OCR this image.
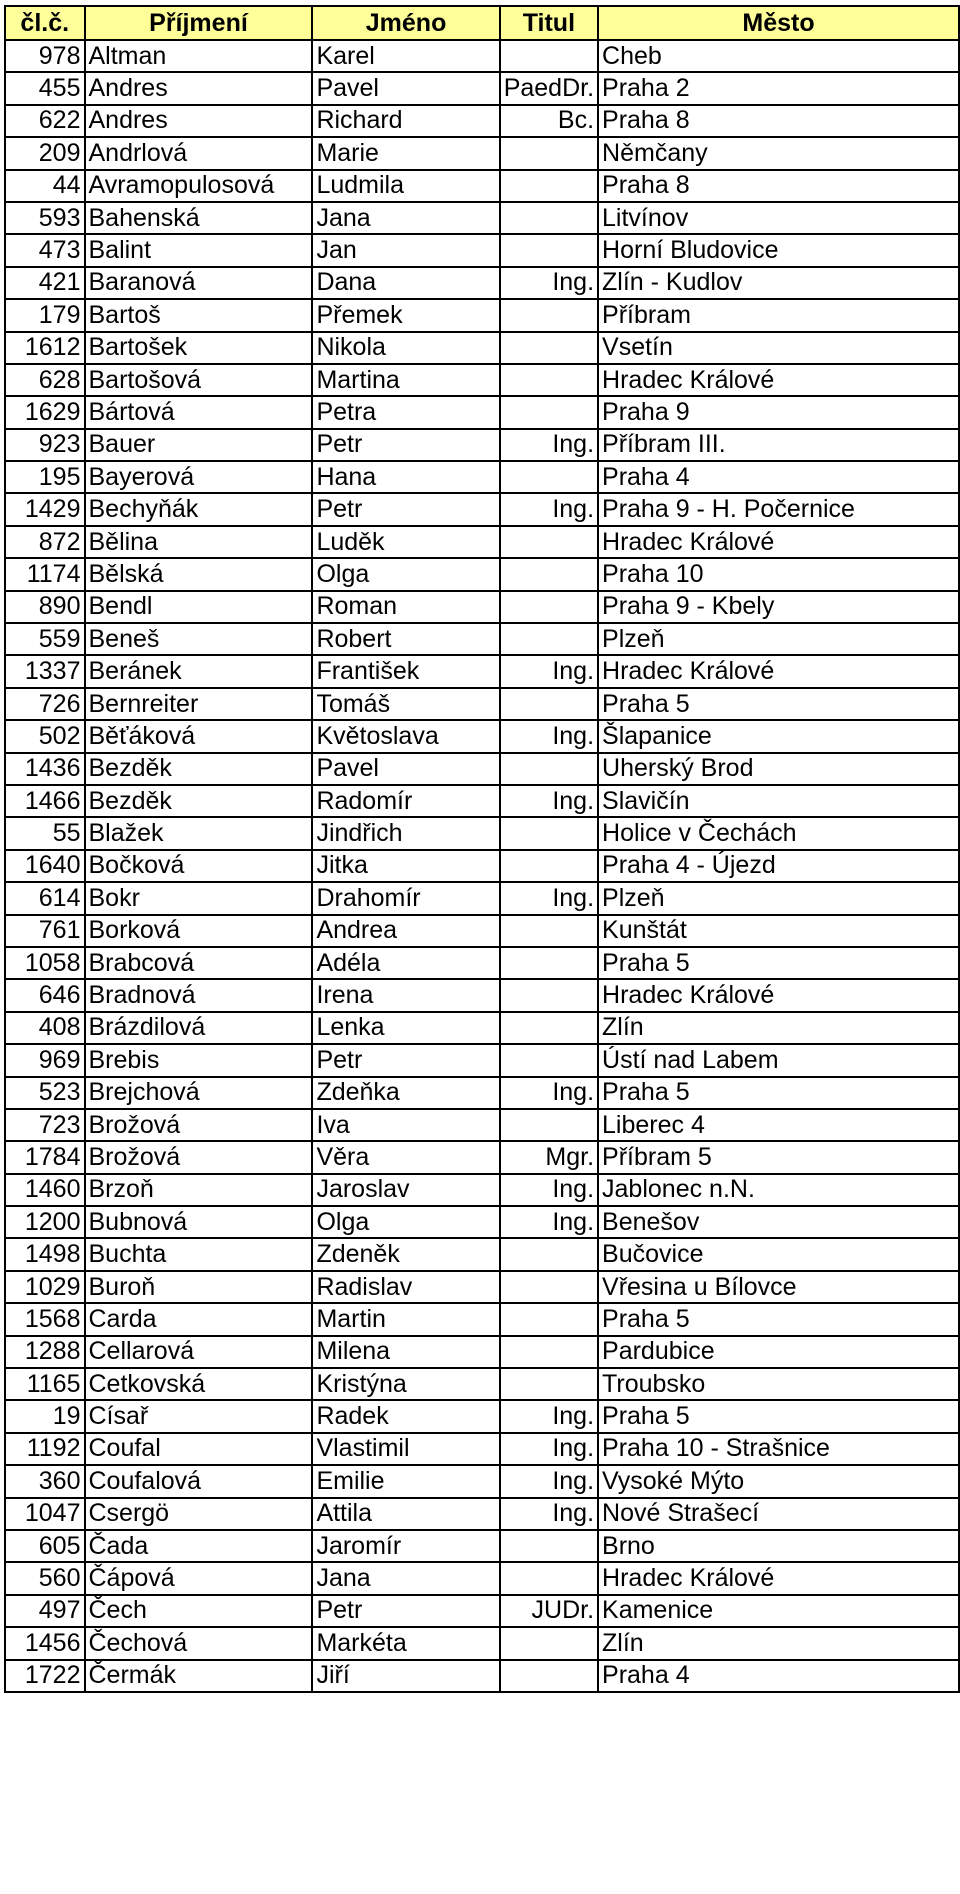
čl.č.	Příjmení	Jméno	Titul	Město
978	Altman	Karel		Cheb
455	Andres	Pavel	PaedDr.	Praha 2
622	Andres	Richard	Bc.	Praha 8
209	Andrlová	Marie		Němčany
44	Avramopulosová	Ludmila		Praha 8
593	Bahenská	Jana		Litvínov
473	Balint	Jan		Horní Bludovice
421	Baranová	Dana	Ing.	Zlín - Kudlov
179	Bartoš	Přemek		Příbram
1612	Bartošek	Nikola		Vsetín
628	Bartošová	Martina		Hradec Králové
1629	Bártová	Petra		Praha 9
923	Bauer	Petr	Ing.	Příbram III.
195	Bayerová	Hana		Praha 4
1429	Bechyňák	Petr	Ing.	Praha 9 - H. Počernice
872	Bělina	Luděk		Hradec Králové
1174	Bělská	Olga		Praha 10
890	Bendl	Roman		Praha 9 - Kbely
559	Beneš	Robert		Plzeň
1337	Beránek	František	Ing.	Hradec Králové
726	Bernreiter	Tomáš		Praha 5
502	Běťáková	Květoslava	Ing.	Šlapanice
1436	Bezděk	Pavel		Uherský Brod
1466	Bezděk	Radomír	Ing.	Slavičín
55	Blažek	Jindřich		Holice v Čechách
1640	Bočková	Jitka		Praha 4 - Újezd
614	Bokr	Drahomír	Ing.	Plzeň
761	Borková	Andrea		Kunštát
1058	Brabcová	Adéla		Praha 5
646	Bradnová	Irena		Hradec Králové
408	Brázdilová	Lenka		Zlín
969	Brebis	Petr		Ústí nad Labem
523	Brejchová	Zdeňka	Ing.	Praha 5
723	Brožová	Iva		Liberec 4
1784	Brožová	Věra	Mgr.	Příbram 5
1460	Brzoň	Jaroslav	Ing.	Jablonec n.N.
1200	Bubnová	Olga	Ing.	Benešov
1498	Buchta	Zdeněk		Bučovice
1029	Buroň	Radislav		Vřesina u Bílovce
1568	Carda	Martin		Praha 5
1288	Cellarová	Milena		Pardubice
1165	Cetkovská	Kristýna		Troubsko
19	Císař	Radek	Ing.	Praha 5
1192	Coufal	Vlastimil	Ing.	Praha 10 - Strašnice
360	Coufalová	Emilie	Ing.	Vysoké Mýto
1047	Csergö	Attila	Ing.	Nové Strašecí
605	Čada	Jaromír		Brno
560	Čápová	Jana		Hradec Králové
497	Čech	Petr	JUDr.	Kamenice
1456	Čechová	Markéta		Zlín
1722	Čermák	Jiří		Praha 4
